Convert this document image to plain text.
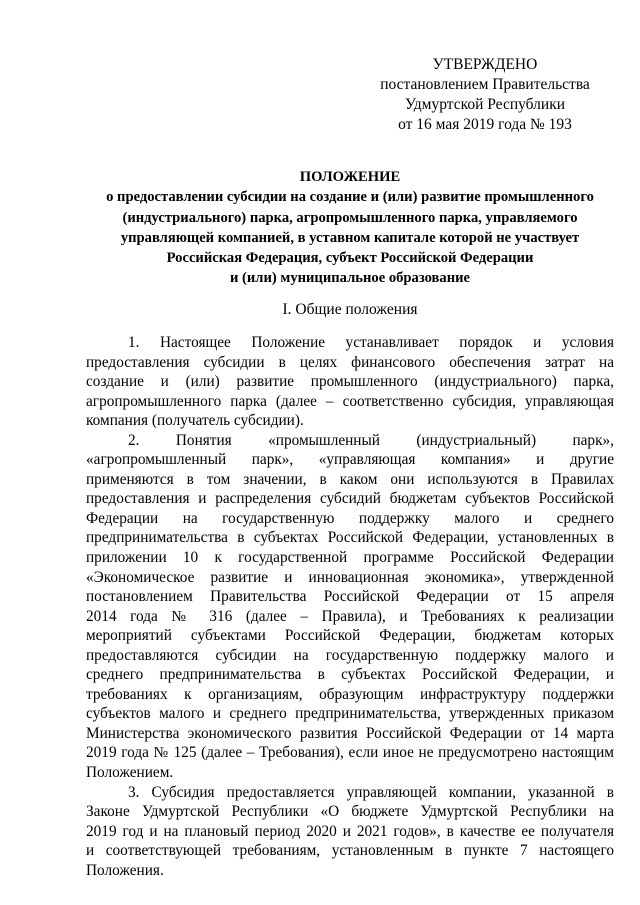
УТВЕРЖДЕНО
постановлением Правительства
Удмуртской Республики
от 16 мая 2019 года № 193
ПОЛОЖЕНИЕ
о предоставлении субсидии на создание и (или) развитие промышленного
(индустриального) парка, агропромышленного парка, управляемого
управляющей компанией, в уставном капитале которой не участвует
Российская Федерация, субъект Российской Федерации
и (или) муниципальное образование
I. Общие положения
1. Настоящее Положение устанавливает порядок и условия
предоставления субсидии в целях финансового обеспечения затрат на
создание и (или) развитие промышленного (индустриального) парка,
агропромышленного парка (далее – соответственно субсидия, управляющая
компания (получатель субсидии).
2. Понятия «промышленный (индустриальный) парк»,
«агропромышленный парк», «управляющая компания» и другие
применяются в том значении, в каком они используются в Правилах
предоставления и распределения субсидий бюджетам субъектов Российской
Федерации на государственную поддержку малого и среднего
предпринимательства в субъектах Российской Федерации, установленных в
приложении 10 к государственной программе Российской Федерации
«Экономическое развитие и инновационная экономика», утвержденной
постановлением Правительства Российской Федерации от 15 апреля
2014 года № 316 (далее – Правила), и Требованиях к реализации
мероприятий субъектами Российской Федерации, бюджетам которых
предоставляются субсидии на государственную поддержку малого и
среднего предпринимательства в субъектах Российской Федерации, и
требованиях к организациям, образующим инфраструктуру поддержки
субъектов малого и среднего предпринимательства, утвержденных приказом
Министерства экономического развития Российской Федерации от 14 марта
2019 года № 125 (далее – Требования), если иное не предусмотрено настоящим
Положением.
3. Субсидия предоставляется управляющей компании, указанной в
Законе Удмуртской Республики «О бюджете Удмуртской Республики на
2019 год и на плановый период 2020 и 2021 годов», в качестве ее получателя
и соответствующей требованиям, установленным в пункте 7 настоящего
Положения.
